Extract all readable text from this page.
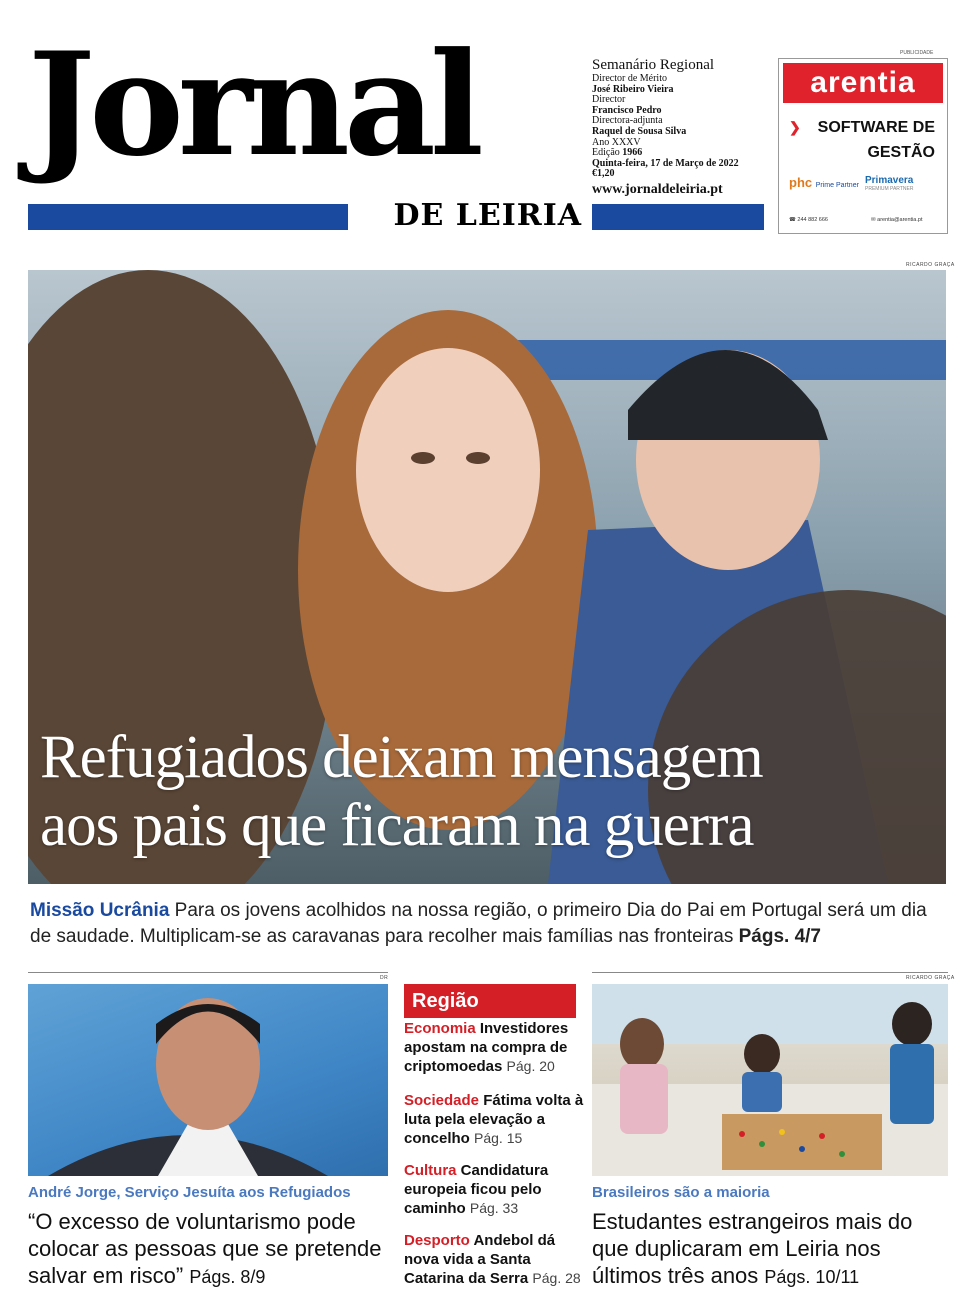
Jornal
DE LEIRIA
Semanário Regional
Director de Mérito
José Ribeiro Vieira
Director
Francisco Pedro
Directora-adjunta
Raquel de Sousa Silva
Ano XXXV
Edição 1966
Quinta-feira, 17 de Março de 2022
€1,20
www.jornaldeleiria.pt
PUBLICIDADE
arentia
❯	SOFTWARE DE GESTÃO
phc Prime Partner Primavera
PREMIUM PARTNER
☎ 244 882 666	✉ arentia@arentia.pt
RICARDO GRAÇA
Refugiados deixam mensagem
aos pais que ficaram na guerra
Missão Ucrânia Para os jovens acolhidos na nossa região, o primeiro Dia do Pai em Portugal será um dia de saudade. Multiplicam-se as caravanas para recolher mais famílias nas fronteiras Págs. 4/7
DR
André Jorge, Serviço Jesuíta aos Refugiados
“O excesso de voluntarismo pode colocar as pessoas que se pretende salvar em risco” Págs. 8/9
Região
Economia Investidores apostam na compra de criptomoedas Pág. 20
Sociedade Fátima volta à luta pela elevação a concelho Pág. 15
Cultura Candidatura europeia ficou pelo caminho Pág. 33
Desporto Andebol dá nova vida a Santa Catarina da Serra Pág. 28
RICARDO GRAÇA
Brasileiros são a maioria
Estudantes estrangeiros mais do que duplicaram em Leiria nos últimos três anos Págs. 10/11
